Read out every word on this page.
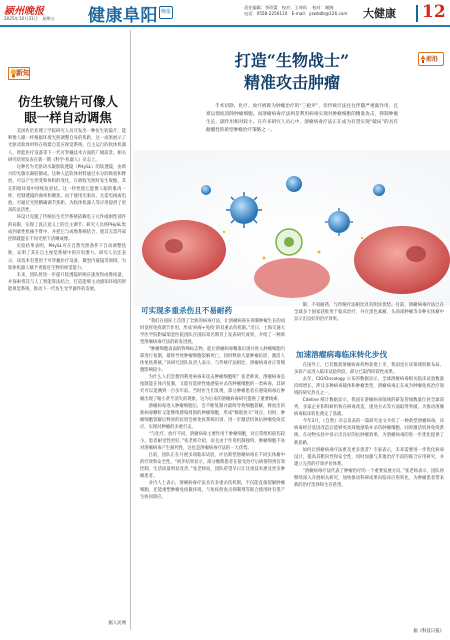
颍州晚报
2025年10月31日　星期五 健康阜阳 晚报
责任编辑：李蓓蕾　校对：王坤尚 　校对：谢婉
电话：0558-2256110　E-mail：yzwbdb@126.com 大健康 12
新知
仿生软镜片可像人眼一样自动调焦

美国佐治亚理工学院研究人员开发出一种仿生软镜片，能够像人眼一样根据环境光照调整自身的焦距，这一成果展示了光驱动软体材料在构建自适应视觉系统、自主运行的软体机器人、智能医疗设备等下一代可穿戴技术方面的广阔前景。相关研究结果发表在新一期《科学·机器人》杂志上。

这种名为光驱动水凝胶软透镜（PHySL）的软透镜，由新兴的光敏水凝胶制成。这种人造软体材料通过水分的吸收和释放，可以产生形变和体积的变化，在吸收光照时发生收缩，其在阴暗环境中则恢复原状。这一特性使它能像人眼的肌肉一样，控制透镜的曲率和聚焦。由于使用光驱动，无需电线或电池，可通过光照精确调节焦距，为软体机器人等应用提供了更高的灵活性。

该设计克服了传统仿生光学系统依赖电子元件或刚性部件的局限，实现了真正意义上的自主调节。研究人员将PHySL集成到柔性机械手臂中，并把它与成像系统结合，使其无需外部控制就能在不同光照下清晰成像。

实验结果表明，PHySL可在自然光照条件下自动调整焦距，证明了其在自主视觉系统中的应用潜力。研究人员还表示，该技术有望用于可穿戴医疗设备、微型内窥镜等领域，为软体机器人赋予更接近生物的视觉能力。

未来，团队将进一步提升软透镜的响应速度和成像质量，并探索将其与人工智能算法结合，打造能够主动感知环境的智能视觉系统，推动下一代仿生光学器件的发展。

据人民网
前沿
打造“生物战士”
精准攻击肿瘤

手术切除、化疗、放疗被称为肿瘤治疗的“三板斧”，但传统疗法往往伴随严重副作用，且难以彻底清除肿瘤细胞。而溶瘤病毒疗法则是利用病毒实现对肿瘤细胞的精准攻击，抑制肿瘤生长，副作用相对较小。在许多研究人员心中，溶瘤病毒疗法正在成为有望实现“破局”的具有颠覆性的新型肿瘤治疗策略之一。

可实现多重杀伤且不易耐药

“我们在国际上首创了全新的病毒疗法，让溶瘤病毒在抑制肿瘤生长的同时发挥免疫调节作用，形成‘病毒+免疫’的双重杀伤机制。”近日，上海交通大学医学院附属瑞金医院团队在国际知名期刊上发表研究成果，介绍了一种新型溶瘤病毒疗法的研发进展。

“肿瘤细胞表面的特殊标志物，能让溶瘤病毒精准识别并进入肿瘤细胞内部进行复制，最终导致肿瘤细胞裂解死亡，同时释放大量肿瘤抗原，激活人体免疫系统。”该研究团队负责人表示，与传统疗法相比，溶瘤病毒对正常细胞影响较小。

为什么人们会想到利用病毒来攻击肿瘤细胞呢？张老师说，溶瘤病毒是指既能在体内复制，又能有选择性地感染并杀伤肿瘤细胞的一类病毒，其研究可以追溯到一百多年前。当时医生们发现，部分肿瘤患者在感染病毒后肿瘤出现了缩小甚至消失的现象，这为后来的溶瘤病毒研究提供了重要线索。

溶瘤病毒进入肿瘤细胞后，会不断复制并最终导致细胞裂解，释放出的新病毒颗粒又能继续感染周围的肿瘤细胞，形成“级联放大”效应。同时，肿瘤细胞裂解后释放的抗原会被免疫系统识别，进一步激活机体抗肿瘤免疫反应，实现对肿瘤的多重打击。

“与化疗、放疗不同，溶瘤病毒主要作用于肿瘤细胞，对正常组织损伤较小，患者耐受性更好。”张老师介绍，而且由于作用机制独特，肿瘤细胞不易对溶瘤病毒产生耐药性，这也是溶瘤病毒疗法的一大优势。

目前，团队正在开展多项临床试验，评估新型溶瘤病毒在不同实体瘤中的疗效和安全性。“初步结果显示，部分晚期患者在接受治疗后病情得到有效控制，生活质量明显改善。”张老师说，团队希望早日让这项技术惠及更多肿瘤患者。

业内人士表示，溶瘤病毒疗法具有多重杀伤机制，不仅能直接裂解肿瘤细胞，还能重塑肿瘤免疫微环境，与免疫检查点抑制剂等联合使用时有望产生协同效应。

制，不易耐药，与传统疗法相比具有明显优势。目前，溶瘤病毒疗法已在全球多个国家获批用于临床治疗，并在黑色素瘤、头颈部肿瘤等多种实体瘤中显示出良好的治疗效果。

加速溶瘤病毒临床转化步伐

在国外上，已有数款溶瘤病毒药物获批上市，我国也在该领域积极布局，多款产品进入临床试验阶段，部分已取得阶段性成果。

去年，CIO/Oncology 公布的数据显示，全球溶瘤病毒相关临床试验数量持续增长，涉及多种病毒载体和肿瘤类型，溶瘤病毒正在成为肿瘤免疫治疗领域的研究热点之一。

Citeline 统计数据显示，我国在溶瘤病毒领域的研发管线数量位居全球前列，多家企业和科研机构在病毒改造、递送方式等方面取得突破，为推动溶瘤病毒临床转化奠定了基础。

今年3月，《自然》杂志发表的一篇研究论文介绍了一种新型溶瘤病毒，该病毒经过基因改造后能够更高效地感染并杀伤肿瘤细胞，同时激活机体免疫系统，在动物实验中显示出良好的抗肿瘤效果，为溶瘤病毒的进一步优化提供了新思路。

如何让溶瘤病毒疗法惠及更多患者？专家表示，未来需要进一步优化病毒设计，提高其靶向性和安全性，同时加强与其他治疗手段的联合应用研究，并建立完善的疗效评价体系。

“溶瘤病毒疗法代表了肿瘤治疗的一个重要发展方向。”张老师表示，团队将继续深入开展相关研究，加快推动科研成果向临床应用转化，为肿瘤患者带来新的治疗选择和生存希望。

据《科技日报》
